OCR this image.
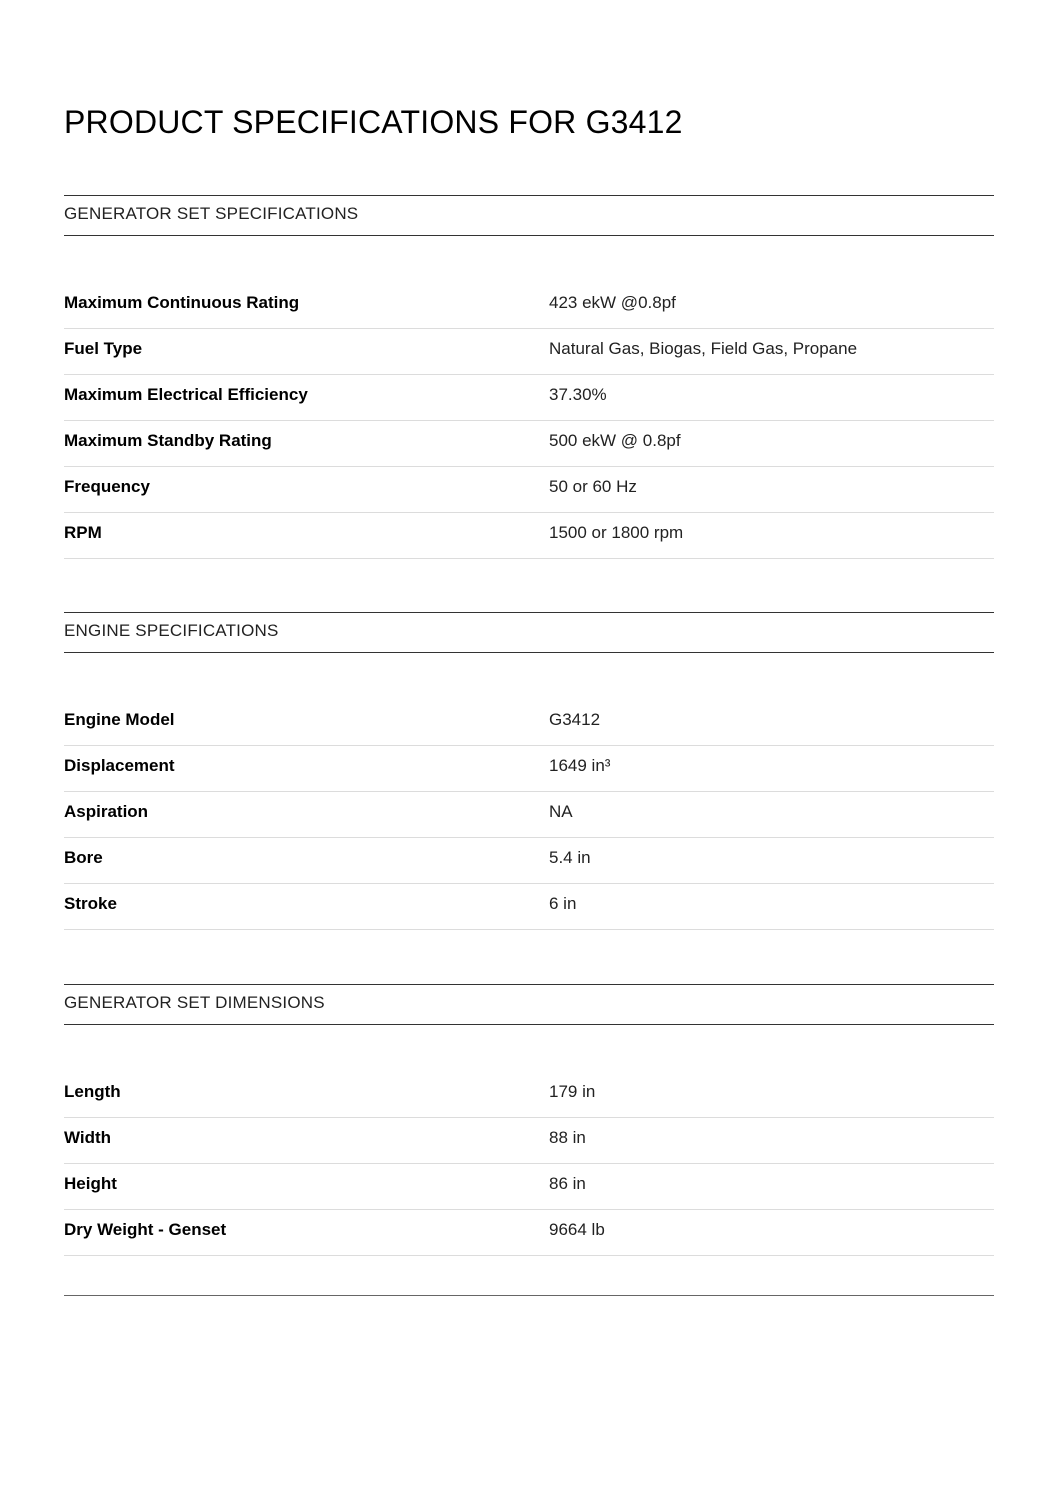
PRODUCT SPECIFICATIONS FOR G3412
GENERATOR SET SPECIFICATIONS
Maximum Continuous Rating	423 ekW @0.8pf
Fuel Type	Natural Gas, Biogas, Field Gas, Propane
Maximum Electrical Efficiency	37.30%
Maximum Standby Rating	500 ekW @ 0.8pf
Frequency	50 or 60 Hz
RPM	1500 or 1800 rpm
ENGINE SPECIFICATIONS
Engine Model	G3412
Displacement	1649 in³
Aspiration	NA
Bore	5.4 in
Stroke	6 in
GENERATOR SET DIMENSIONS
Length	179 in
Width	88 in
Height	86 in
Dry Weight - Genset	9664 lb
